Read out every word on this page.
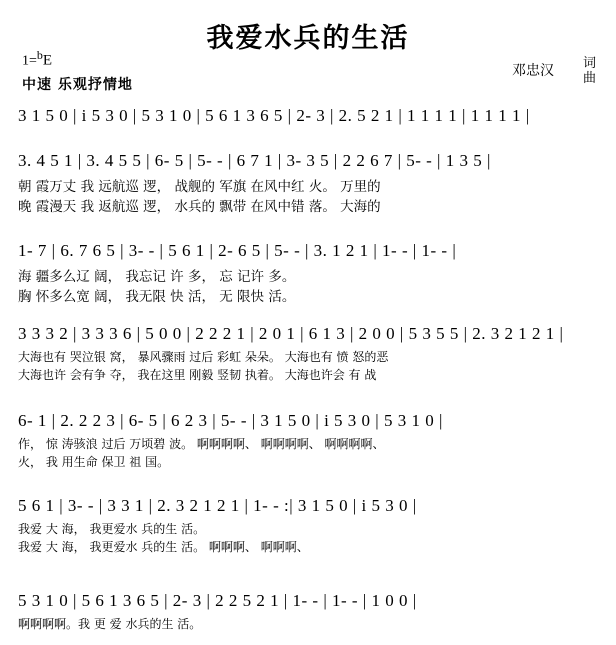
我爱水兵的生活
1=bE
邓忠汉 词
曲
中速 乐观抒情地
3 1 5 0 | i 5 3 0 | 5 3 1 0 | 5 6 1 3 6 5 | 2- 3 | 2. 5 2 1 | 1 1 1 1 | 1 1 1 1 |
3. 4 5 1 | 3. 4 5 5 | 6- 5 | 5- - | 6 7 1 | 3- 3 5 | 2 2 6 7 | 5- - | 1 3 5 |
朝 霞万丈 我 远航巡 逻， 战舰的 军旗 在风中红 火。 万里的
晚 霞漫天 我 返航巡 逻， 水兵的 飘带 在风中错 落。 大海的
1- 7 | 6. 7 6 5 | 3- - | 5 6 1 | 2- 6 5 | 5- - | 3. 1 2 1 | 1- - | 1- - |
海 疆多么辽 阔， 我忘记 许 多， 忘 记许 多。
胸 怀多么宽 阔， 我无限 快 活， 无 限快 活。
3 3 3 2 | 3 3 3 6 | 5 0 0 | 2 2 2 1 | 2 0 1 | 6 1 3 | 2 0 0 | 5 3 5 5 | 2. 3 2 1 2 1 |
大海也有 哭泣银 窝， 暴风骤雨 过后 彩虹 朵朵。 大海也有 愤 怒的恶
大海也许 会有争 夺， 我在这里 刚毅 竖韧 执着。 大海也许会 有 战
6- 1 | 2. 2 2 3 | 6- 5 | 6 2 3 | 5- - | 3 1 5 0 | i 5 3 0 | 5 3 1 0 |
作， 惊 涛骇浪 过后 万顷碧 波。 啊啊啊啊、 啊啊啊啊、 啊啊啊啊、
火， 我 用生命 保卫 祖 国。
5 6 1 | 3- - | 3 3 1 | 2. 3 2 1 2 1 | 1- - :| 3 1 5 0 | i 5 3 0 |
我爱 大 海， 我更爱水 兵的生 活。
我爱 大 海， 我更爱水 兵的生 活。 啊啊啊、 啊啊啊、
5 3 1 0 | 5 6 1 3 6 5 | 2- 3 | 2 2 5 2 1 | 1- - | 1- - | 1 0 0 |
啊啊啊啊。我 更 爱 水兵的生 活。
